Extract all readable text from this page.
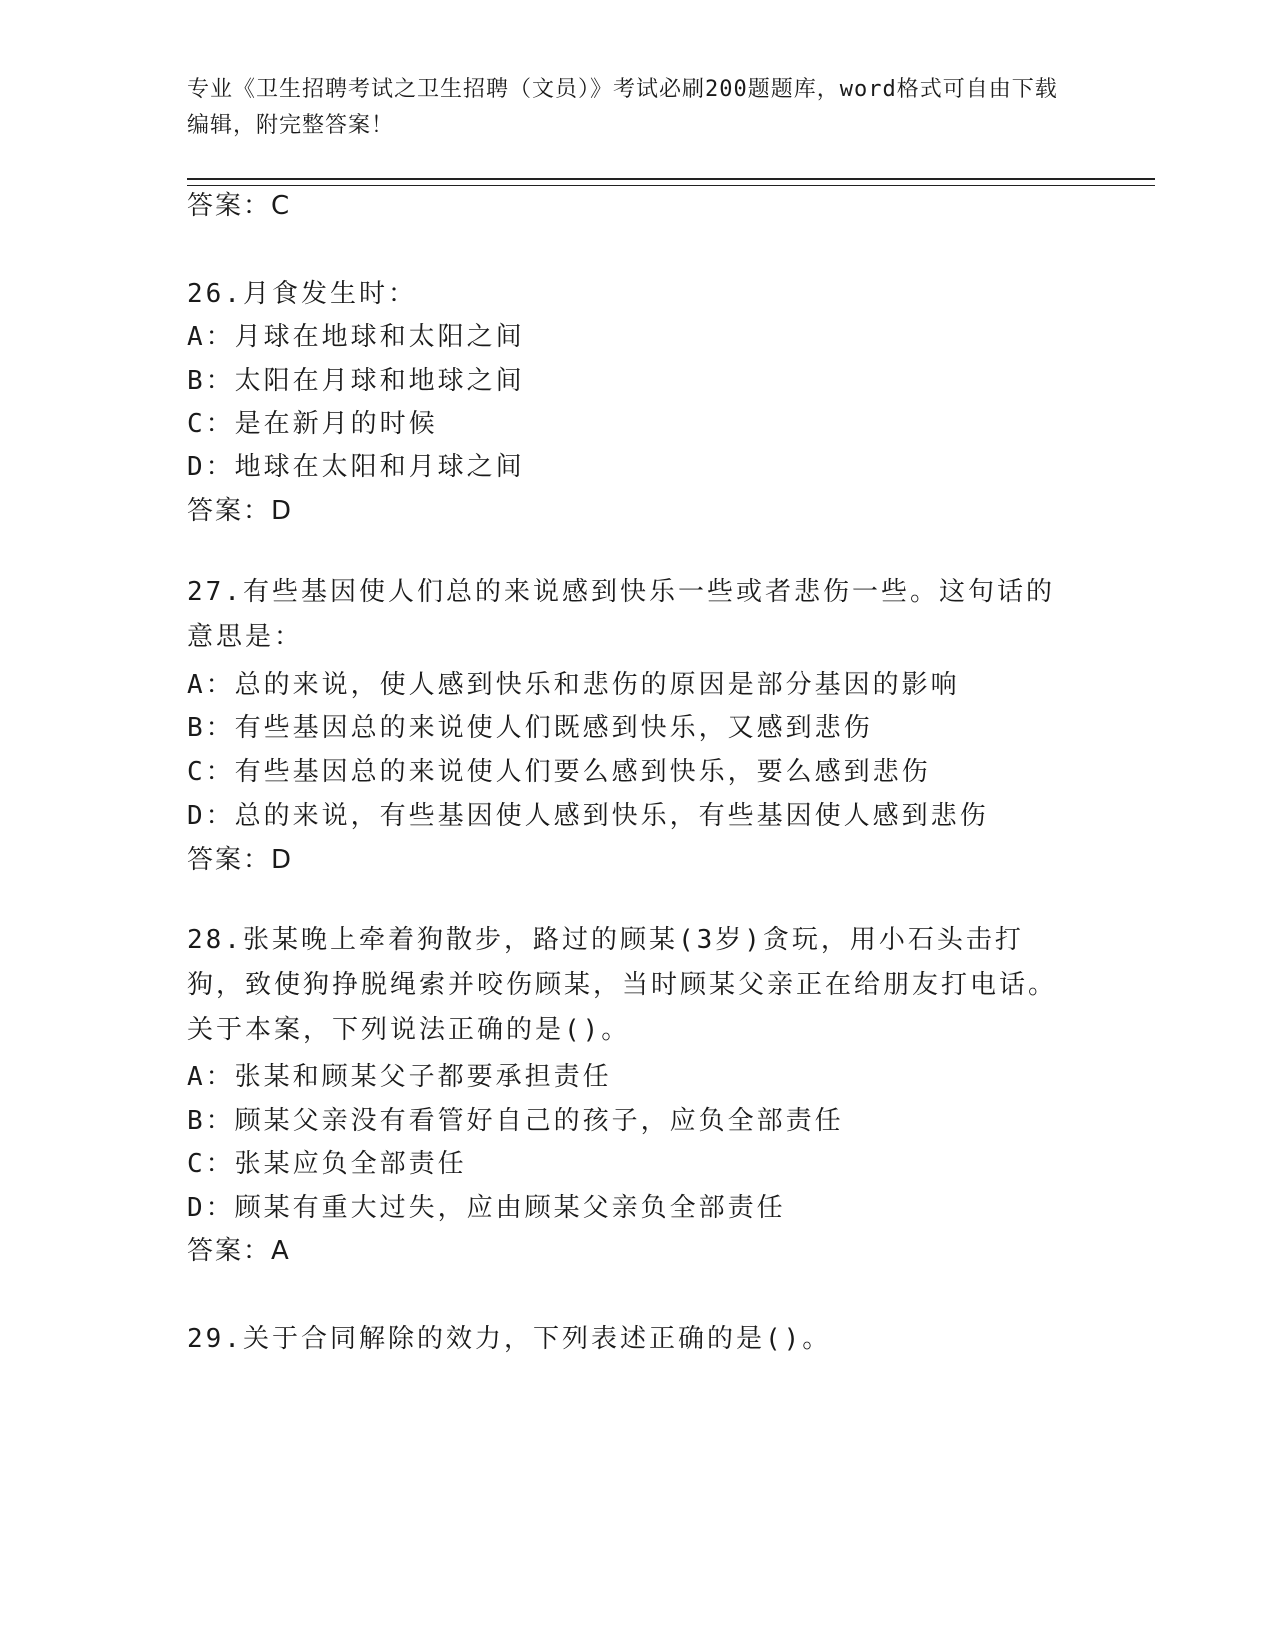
专业《卫生招聘考试之卫生招聘（文员）》考试必刷200题题库，word格式可自由下载编辑，附完整答案！
答案：C
26.月食发生时：
A：月球在地球和太阳之间
B：太阳在月球和地球之间
C：是在新月的时候
D：地球在太阳和月球之间
答案：D
27.有些基因使人们总的来说感到快乐一些或者悲伤一些。这句话的意思是：
A：总的来说，使人感到快乐和悲伤的原因是部分基因的影响
B：有些基因总的来说使人们既感到快乐，又感到悲伤
C：有些基因总的来说使人们要么感到快乐，要么感到悲伤
D：总的来说，有些基因使人感到快乐，有些基因使人感到悲伤
答案：D
28.张某晚上牵着狗散步，路过的顾某(3岁)贪玩，用小石头击打狗，致使狗挣脱绳索并咬伤顾某，当时顾某父亲正在给朋友打电话。关于本案，下列说法正确的是()。
A：张某和顾某父子都要承担责任
B：顾某父亲没有看管好自己的孩子，应负全部责任
C：张某应负全部责任
D：顾某有重大过失，应由顾某父亲负全部责任
答案：A
29.关于合同解除的效力，下列表述正确的是()。
